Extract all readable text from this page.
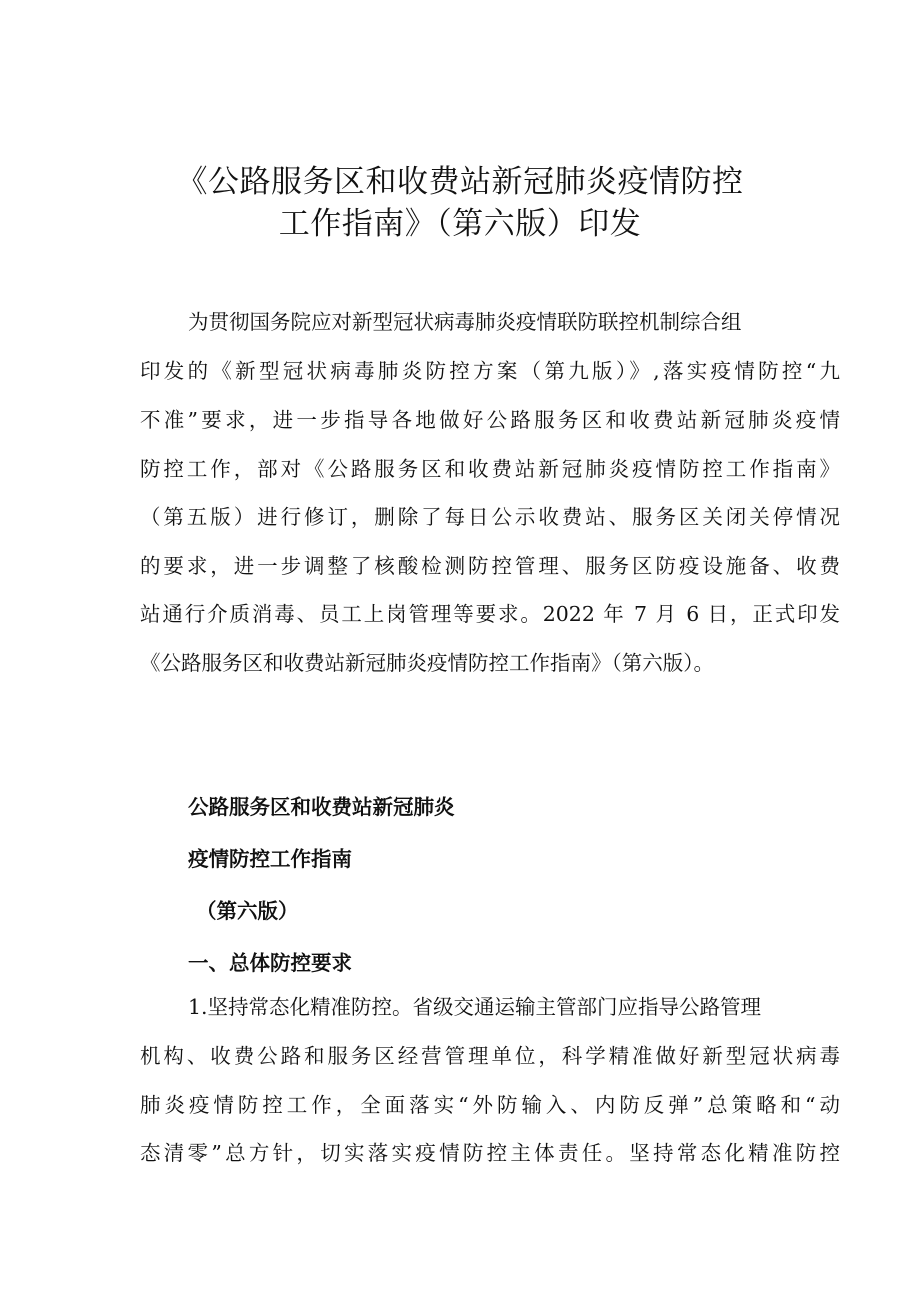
《公路服务区和收费站新冠肺炎疫情防控
工作指南》（第六版）印发
为贯彻国务院应对新型冠状病毒肺炎疫情联防联控机制综合组
印发的《新型冠状病毒肺炎防控方案（第九版）》,落实疫情防控“九
不准”要求，进一步指导各地做好公路服务区和收费站新冠肺炎疫情
防控工作，部对《公路服务区和收费站新冠肺炎疫情防控工作指南》
（第五版）进行修订，删除了每日公示收费站、服务区关闭关停情况
的要求，进一步调整了核酸检测防控管理、服务区防疫设施备、收费
站通行介质消毒、员工上岗管理等要求。2022 年 7 月 6 日，正式印发
《公路服务区和收费站新冠肺炎疫情防控工作指南》（第六版）。
公路服务区和收费站新冠肺炎
疫情防控工作指南
（第六版）
一、总体防控要求
1.坚持常态化精准防控。省级交通运输主管部门应指导公路管理
机构、收费公路和服务区经营管理单位，科学精准做好新型冠状病毒
肺炎疫情防控工作，全面落实“外防输入、内防反弹”总策略和“动
态清零”总方针，切实落实疫情防控主体责任。坚持常态化精准防控
